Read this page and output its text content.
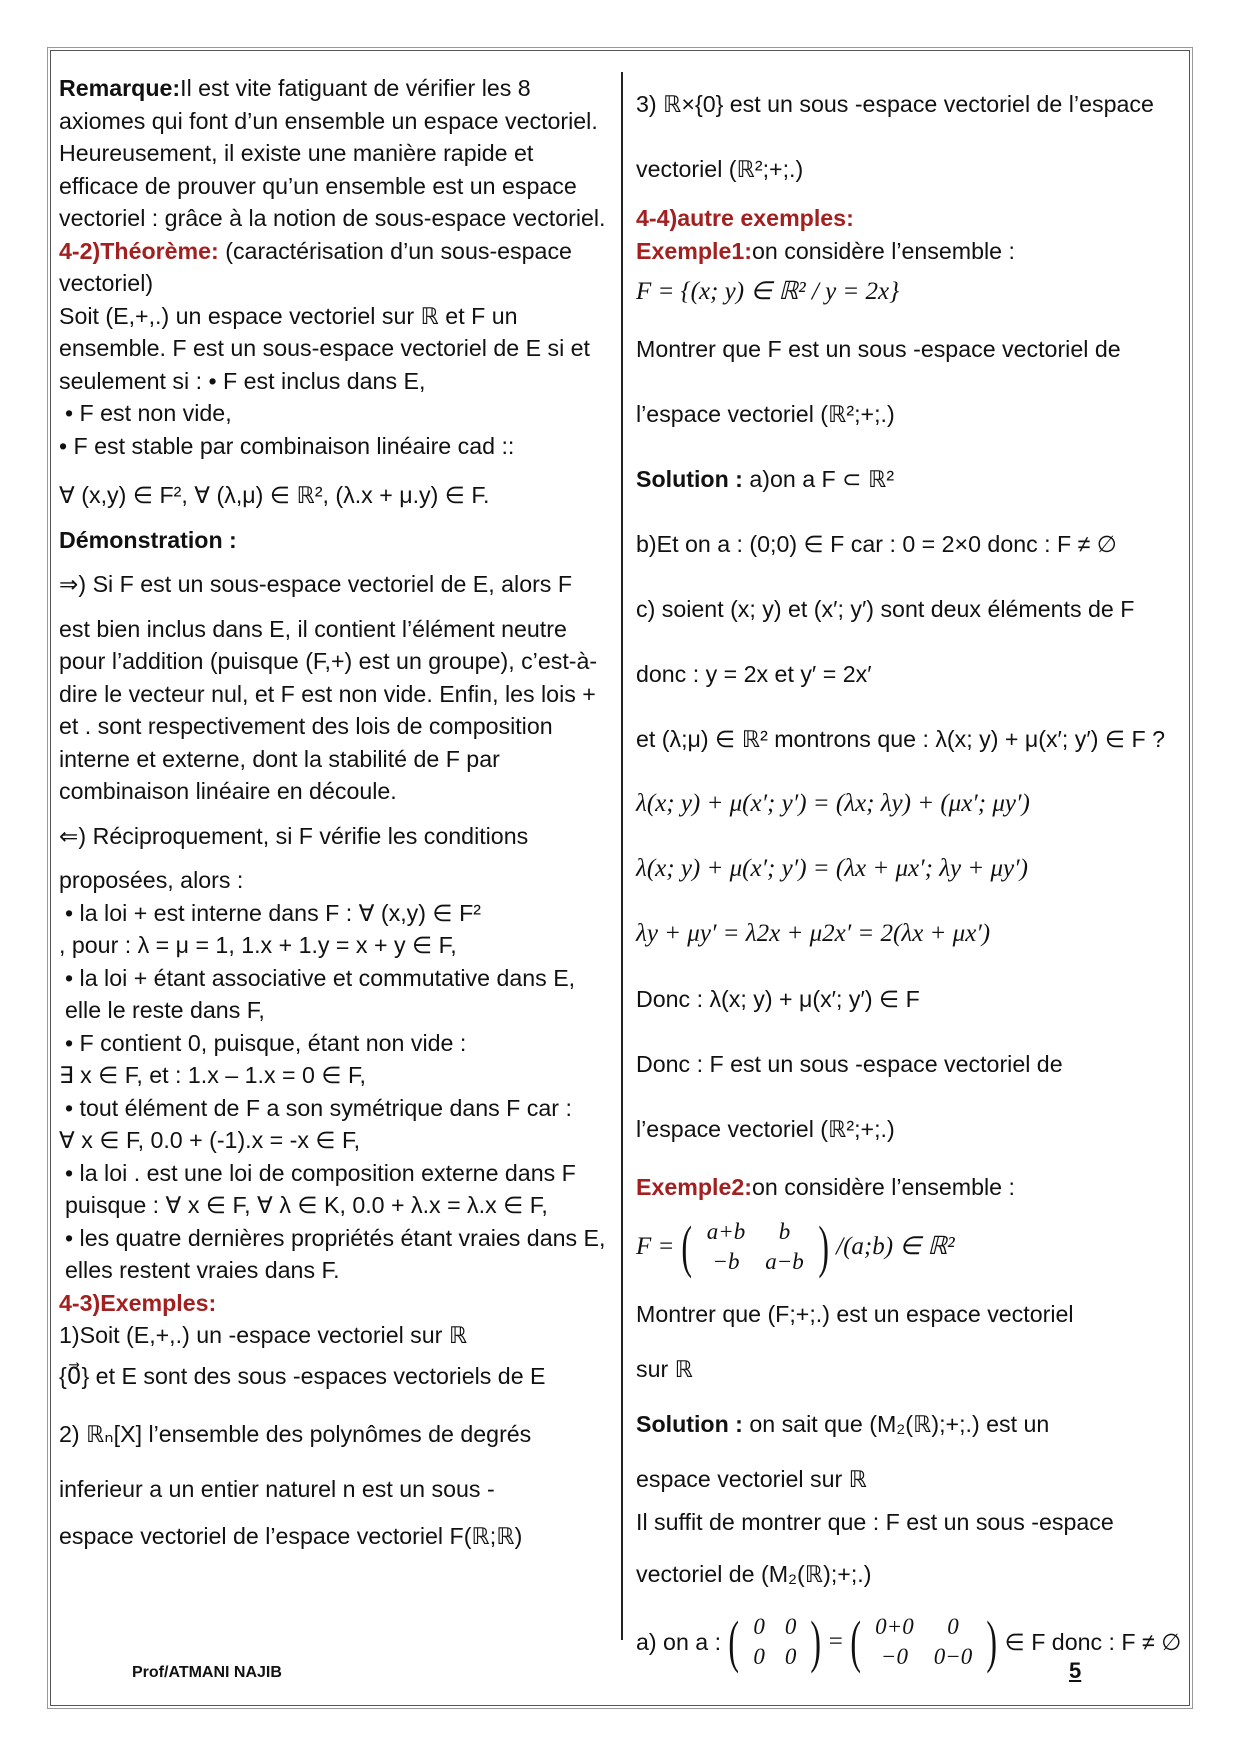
Remarque:Il est vite fatiguant de vérifier les 8 axiomes qui font d’un ensemble un espace vectoriel. Heureusement, il existe une manière rapide et efficace de prouver qu’un ensemble est un espace vectoriel : grâce à la notion de sous-espace vectoriel.

4-2)Théorème: (caractérisation d’un sous-espace vectoriel)

Soit (E,+,.) un espace vectoriel sur ℝ et F un ensemble. F est un sous-espace vectoriel de E si et seulement si : • F est inclus dans E,

• F est non vide,

• F est stable par combinaison linéaire cad ::

∀ (x,y) ∈ F², ∀ (λ,μ) ∈ ℝ², (λ.x + μ.y) ∈ F.

Démonstration :

⇒) Si F est un sous-espace vectoriel de E, alors F

est bien inclus dans E, il contient l’élément neutre pour l’addition (puisque (F,+) est un groupe), c’est-à-dire le vecteur nul, et F est non vide. Enfin, les lois + et . sont respectivement des lois de composition interne et externe, dont la stabilité de F par combinaison linéaire en découle.

⇐) Réciproquement, si F vérifie les conditions

proposées, alors :

• la loi + est interne dans F : ∀ (x,y) ∈ F²

, pour : λ = μ = 1, 1.x + 1.y = x + y ∈ F,

• la loi + étant associative et commutative dans E, elle le reste dans F,

• F contient 0, puisque, étant non vide :

∃ x ∈ F, et : 1.x – 1.x = 0 ∈ F,

• tout élément de F a son symétrique dans F car :

∀ x ∈ F, 0.0 + (-1).x = -x ∈ F,

• la loi . est une loi de composition externe dans F puisque : ∀ x ∈ F, ∀ λ ∈ K, 0.0 + λ.x = λ.x ∈ F,

• les quatre dernières propriétés étant vraies dans E, elles restent vraies dans F.

4-3)Exemples:

1)Soit (E,+,.) un -espace vectoriel sur ℝ

{0⃗} et E sont des sous -espaces vectoriels de E
2) ℝₙ[X] l’ensemble des polynômes de degrés
inferieur a un entier naturel n est un sous -
espace vectoriel de l’espace vectoriel F(ℝ;ℝ)
3) ℝ×{0} est un sous -espace vectoriel de l’espace
vectoriel (ℝ²;+;.)

4-4)autre exemples:

Exemple1:on considère l’ensemble :

F = {(x; y) ∈ ℝ² / y = 2x}
Montrer que F est un sous -espace vectoriel de
l’espace vectoriel (ℝ²;+;.)
Solution :
a)on a F ⊂ ℝ²
b)Et on a : (0;0) ∈ F car : 0 = 2×0 donc : F ≠ ∅
c) soient (x; y) et (x′; y′) sont deux éléments de F
donc : y = 2x et y′ = 2x′
et (λ;μ) ∈ ℝ² montrons que : λ(x; y) + μ(x′; y′) ∈ F ?
λ(x; y) + μ(x′; y′) = (λx; λy) + (μx′; μy′)
λ(x; y) + μ(x′; y′) = (λx + μx′; λy + μy′)
λy + μy′ = λ2x + μ2x′ = 2(λx + μx′)
Donc : λ(x; y) + μ(x′; y′) ∈ F
Donc : F est un sous -espace vectoriel de
l’espace vectoriel (ℝ²;+;.)
Exemple2: on considère l’ensemble :
F = ( a+b	b
−b	a−b ) /(a;b) ∈ ℝ²
Montrer que (F;+;.) est un espace vectoriel
sur ℝ
Solution :
on sait que (M₂(ℝ);+;.) est un
espace vectoriel sur ℝ
Il suffit de montrer que : F est un sous -espace
vectoriel de (M₂(ℝ);+;.)
a) on a : ( 0	0
0	0 ) = ( 0+0	0
−0	0−0 ) ∈ F donc : F ≠ ∅
Prof/ATMANI NAJIB	5
